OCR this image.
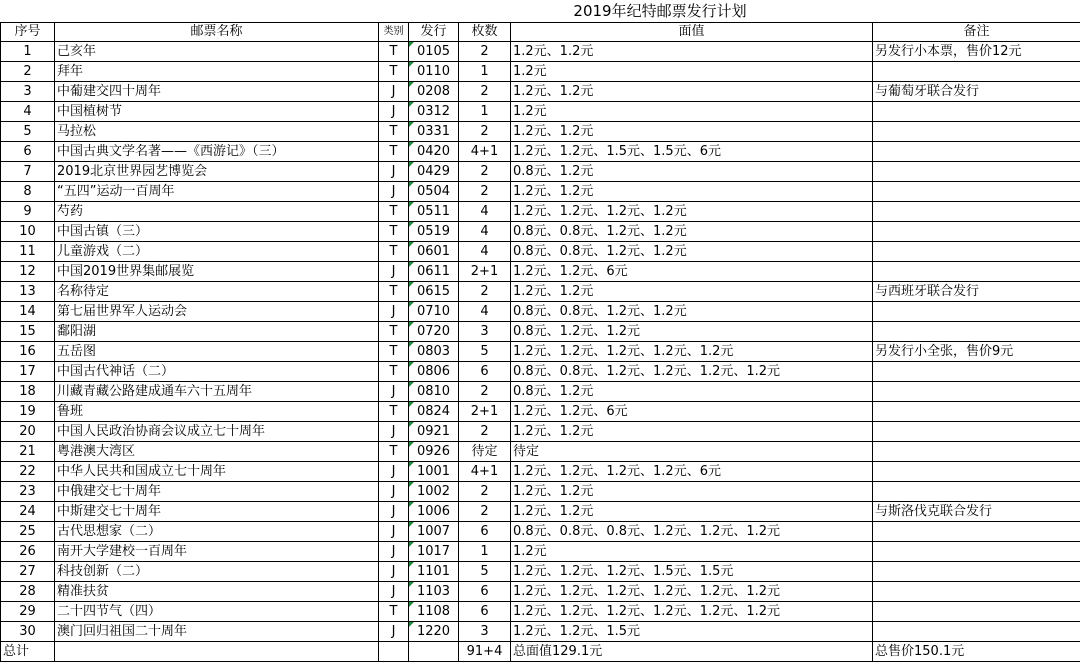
2019年纪特邮票发行计划
序号	邮票名称	类别	发行	枚数	面值	备注
1	己亥年	T	0105	2	1.2元、1.2元	另发行小本票，售价12元
2	拜年	T	0110	1	1.2元	
3	中葡建交四十周年	J	0208	2	1.2元、1.2元	与葡萄牙联合发行
4	中国植树节	J	0312	1	1.2元	
5	马拉松	T	0331	2	1.2元、1.2元	
6	中国古典文学名著——《西游记》（三）	T	0420	4+1	1.2元、1.2元、1.5元、1.5元、6元	
7	2019北京世界园艺博览会	J	0429	2	0.8元、1.2元	
8	“五四”运动一百周年	J	0504	2	1.2元、1.2元	
9	芍药	T	0511	4	1.2元、1.2元、1.2元、1.2元	
10	中国古镇（三）	T	0519	4	0.8元、0.8元、1.2元、1.2元	
11	儿童游戏（二）	T	0601	4	0.8元、0.8元、1.2元、1.2元	
12	中国2019世界集邮展览	J	0611	2+1	1.2元、1.2元、6元	
13	名称待定	T	0615	2	1.2元、1.2元	与西班牙联合发行
14	第七届世界军人运动会	J	0710	4	0.8元、0.8元、1.2元、1.2元	
15	鄱阳湖	T	0720	3	0.8元、1.2元、1.2元	
16	五岳图	T	0803	5	1.2元、1.2元、1.2元、1.2元、1.2元	另发行小全张，售价9元
17	中国古代神话（二）	T	0806	6	0.8元、0.8元、1.2元、1.2元、1.2元、1.2元	
18	川藏青藏公路建成通车六十五周年	J	0810	2	0.8元、1.2元	
19	鲁班	T	0824	2+1	1.2元、1.2元、6元	
20	中国人民政治协商会议成立七十周年	J	0921	2	1.2元、1.2元	
21	粤港澳大湾区	T	0926	待定	待定	
22	中华人民共和国成立七十周年	J	1001	4+1	1.2元、1.2元、1.2元、1.2元、6元	
23	中俄建交七十周年	J	1002	2	1.2元、1.2元	
24	中斯建交七十周年	J	1006	2	1.2元、1.2元	与斯洛伐克联合发行
25	古代思想家（二）	J	1007	6	0.8元、0.8元、0.8元、1.2元、1.2元、1.2元	
26	南开大学建校一百周年	J	1017	1	1.2元	
27	科技创新（二）	J	1101	5	1.2元、1.2元、1.2元、1.5元、1.5元	
28	精准扶贫	J	1103	6	1.2元、1.2元、1.2元、1.2元、1.2元、1.2元	
29	二十四节气（四）	T	1108	6	1.2元、1.2元、1.2元、1.2元、1.2元、1.2元	
30	澳门回归祖国二十周年	J	1220	3	1.2元、1.2元、1.5元	
总计				91+4	总面值129.1元	总售价150.1元
